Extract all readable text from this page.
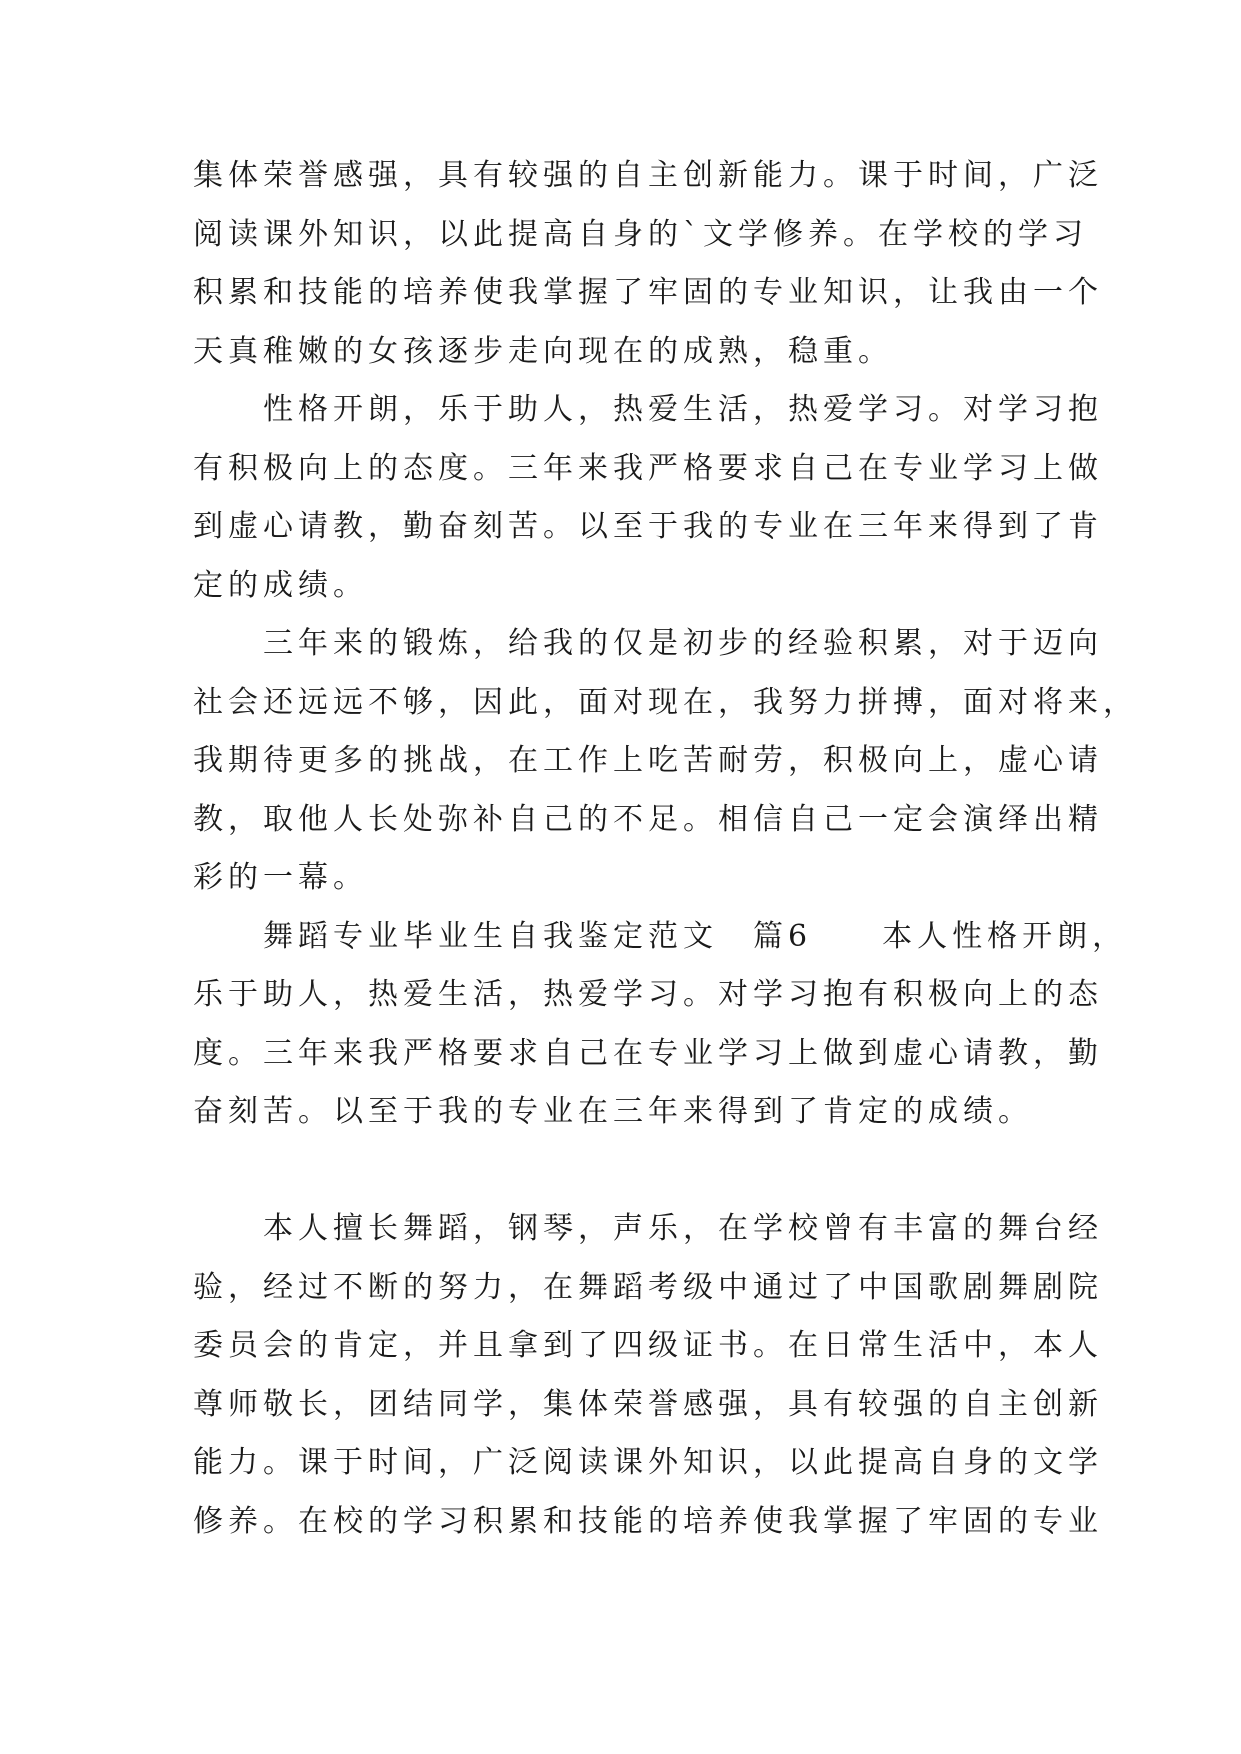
集体荣誉感强，具有较强的自主创新能力。课于时间，广泛
阅读课外知识，以此提高自身的`文学修养。在学校的学习
积累和技能的培养使我掌握了牢固的专业知识，让我由一个
天真稚嫩的女孩逐步走向现在的成熟，稳重。
　　性格开朗，乐于助人，热爱生活，热爱学习。对学习抱
有积极向上的态度。三年来我严格要求自己在专业学习上做
到虚心请教，勤奋刻苦。以至于我的专业在三年来得到了肯
定的成绩。
　　三年来的锻炼，给我的仅是初步的经验积累，对于迈向
社会还远远不够，因此，面对现在，我努力拼搏，面对将来，
我期待更多的挑战，在工作上吃苦耐劳，积极向上，虚心请
教，取他人长处弥补自己的不足。相信自己一定会演绎出精
彩的一幕。
　　舞蹈专业毕业生自我鉴定范文　篇6　　本人性格开朗，
乐于助人，热爱生活，热爱学习。对学习抱有积极向上的态
度。三年来我严格要求自己在专业学习上做到虚心请教，勤
奋刻苦。以至于我的专业在三年来得到了肯定的成绩。
　　本人擅长舞蹈，钢琴，声乐，在学校曾有丰富的舞台经
验，经过不断的努力，在舞蹈考级中通过了中国歌剧舞剧院
委员会的肯定，并且拿到了四级证书。在日常生活中，本人
尊师敬长，团结同学，集体荣誉感强，具有较强的自主创新
能力。课于时间，广泛阅读课外知识，以此提高自身的文学
修养。在校的学习积累和技能的培养使我掌握了牢固的专业
